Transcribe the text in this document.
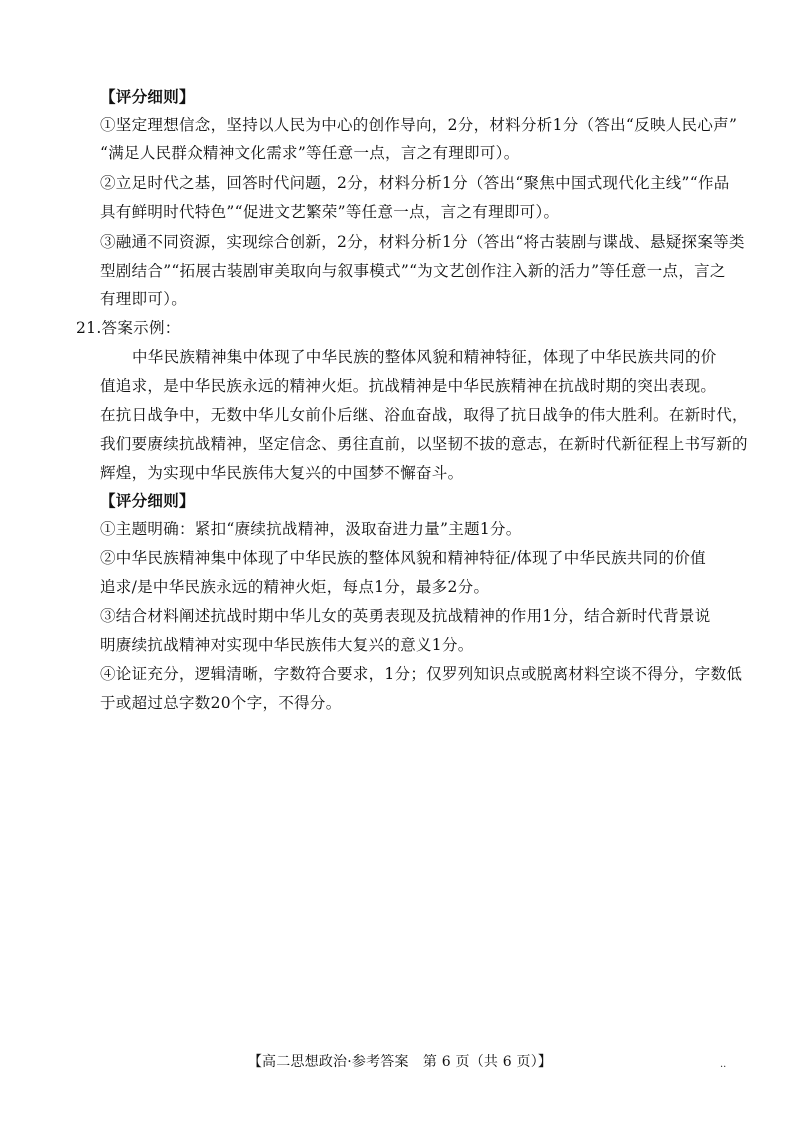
【评分细则】
①坚定理想信念，坚持以人民为中心的创作导向，2分，材料分析1分（答出“反映人民心声”
“满足人民群众精神文化需求”等任意一点，言之有理即可）。
②立足时代之基，回答时代问题，2分，材料分析1分（答出“聚焦中国式现代化主线”“作品
具有鲜明时代特色”“促进文艺繁荣”等任意一点，言之有理即可）。
③融通不同资源，实现综合创新，2分，材料分析1分（答出“将古装剧与谍战、悬疑探案等类
型剧结合”“拓展古装剧审美取向与叙事模式”“为文艺创作注入新的活力”等任意一点，言之
有理即可）。
21.答案示例：
中华民族精神集中体现了中华民族的整体风貌和精神特征，体现了中华民族共同的价
值追求，是中华民族永远的精神火炬。抗战精神是中华民族精神在抗战时期的突出表现。
在抗日战争中，无数中华儿女前仆后继、浴血奋战，取得了抗日战争的伟大胜利。在新时代，
我们要赓续抗战精神，坚定信念、勇往直前，以坚韧不拔的意志，在新时代新征程上书写新的
辉煌，为实现中华民族伟大复兴的中国梦不懈奋斗。
【评分细则】
①主题明确：紧扣“赓续抗战精神，汲取奋进力量”主题1分。
②中华民族精神集中体现了中华民族的整体风貌和精神特征/体现了中华民族共同的价值
追求/是中华民族永远的精神火炬，每点1分，最多2分。
③结合材料阐述抗战时期中华儿女的英勇表现及抗战精神的作用1分，结合新时代背景说
明赓续抗战精神对实现中华民族伟大复兴的意义1分。
④论证充分，逻辑清晰，字数符合要求，1分；仅罗列知识点或脱离材料空谈不得分，字数低
于或超过总字数20个字，不得分。
【高二思想政治·参考答案　第 6 页（共 6 页）】	··
